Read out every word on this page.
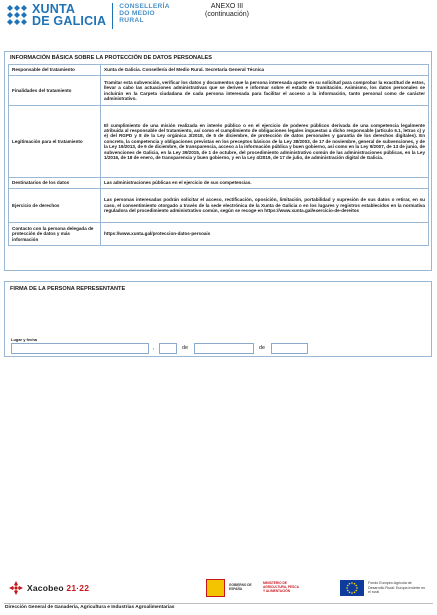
XUNTA
DE GALICIA
CONSELLERÍA
DO MEDIO
RURAL
ANEXO III
(continuación)
INFORMACIÓN BÁSICA SOBRE LA PROTECCIÓN DE DATOS PERSONALES
Responsable del tratamiento	Xunta de Galicia. Consellería del Medio Rural. Secretaría General Técnica
Finalidades del tratamiento	Tramitar esta subvención, verificar los datos y documentos que la persona interesada aporte en su solicitud para comprobar la exactitud de estos, llevar a cabo las actuaciones administrativas que se deriven e informar sobre el estado de tramitación. Asimismo, los datos personales se incluirán en la Carpeta ciudadana de cada persona interesada para facilitar el acceso a la información, tanto personal como de carácter administrativo.
Legitimación para el tratamiento	El cumplimiento de una misión realizada en interés público o en el ejercicio de poderes públicos derivada de una competencia legalmente atribuida al responsable del tratamiento, así como el cumplimiento de obligaciones legales impuestas a dicho responsable (artículo 6.1, letras c) y e) del RGPD y 8 de la Ley orgánica 3/2018, de 5 de diciembre, de protección de datos personales y garantía de los derechos digitales). En concreto, la competencia y obligaciones previstas en los preceptos básicos de la Ley 38/2003, de 17 de noviembre, general de subvenciones, y de la Ley 19/2013, de 9 de diciembre, de transparencia, acceso a la información pública y buen gobierno, así como en la Ley 9/2007, de 13 de junio, de subvenciones de Galicia, en la Ley 39/2015, de 1 de octubre, del procedimiento administrativo común de las administraciones públicas, en la Ley 1/2016, de 18 de enero, de transparencia y buen gobierno, y en la Ley 4/2019, de 17 de julio, de administración digital de Galicia.
Destinatarios de los datos	Las administraciones públicas en el ejercicio de sus competencias.
Ejercicio de derechos	Las personas interesadas podrán solicitar el acceso, rectificación, oposición, limitación, portabilidad y supresión de sus datos o retirar, en su caso, el consentimiento otorgado a través de la sede electrónica de la Xunta de Galicia o en los lugares y registros establecidos en la normativa reguladora del procedimiento administrativo común, según se recoge en https://www.xunta.gal/exercicio-de-dereitos
Contacto con la persona delegada de protección de datos y más información	https://www.xunta.gal/proteccion-datos-persoais
FIRMA DE LA PERSONA REPRESENTANTE
Lugar y fecha
,	de	de
Xacobeo 21·22	GOBIERNO DE ESPAÑA
MINISTERIO DE AGRICULTURA, PESCA Y ALIMENTACIÓN
Fondo Europeo Agrícola de Desarrollo Rural: Europa invierte en el rural
Dirección General de Ganadería, Agricultura e Industrias Agroalimentarias
